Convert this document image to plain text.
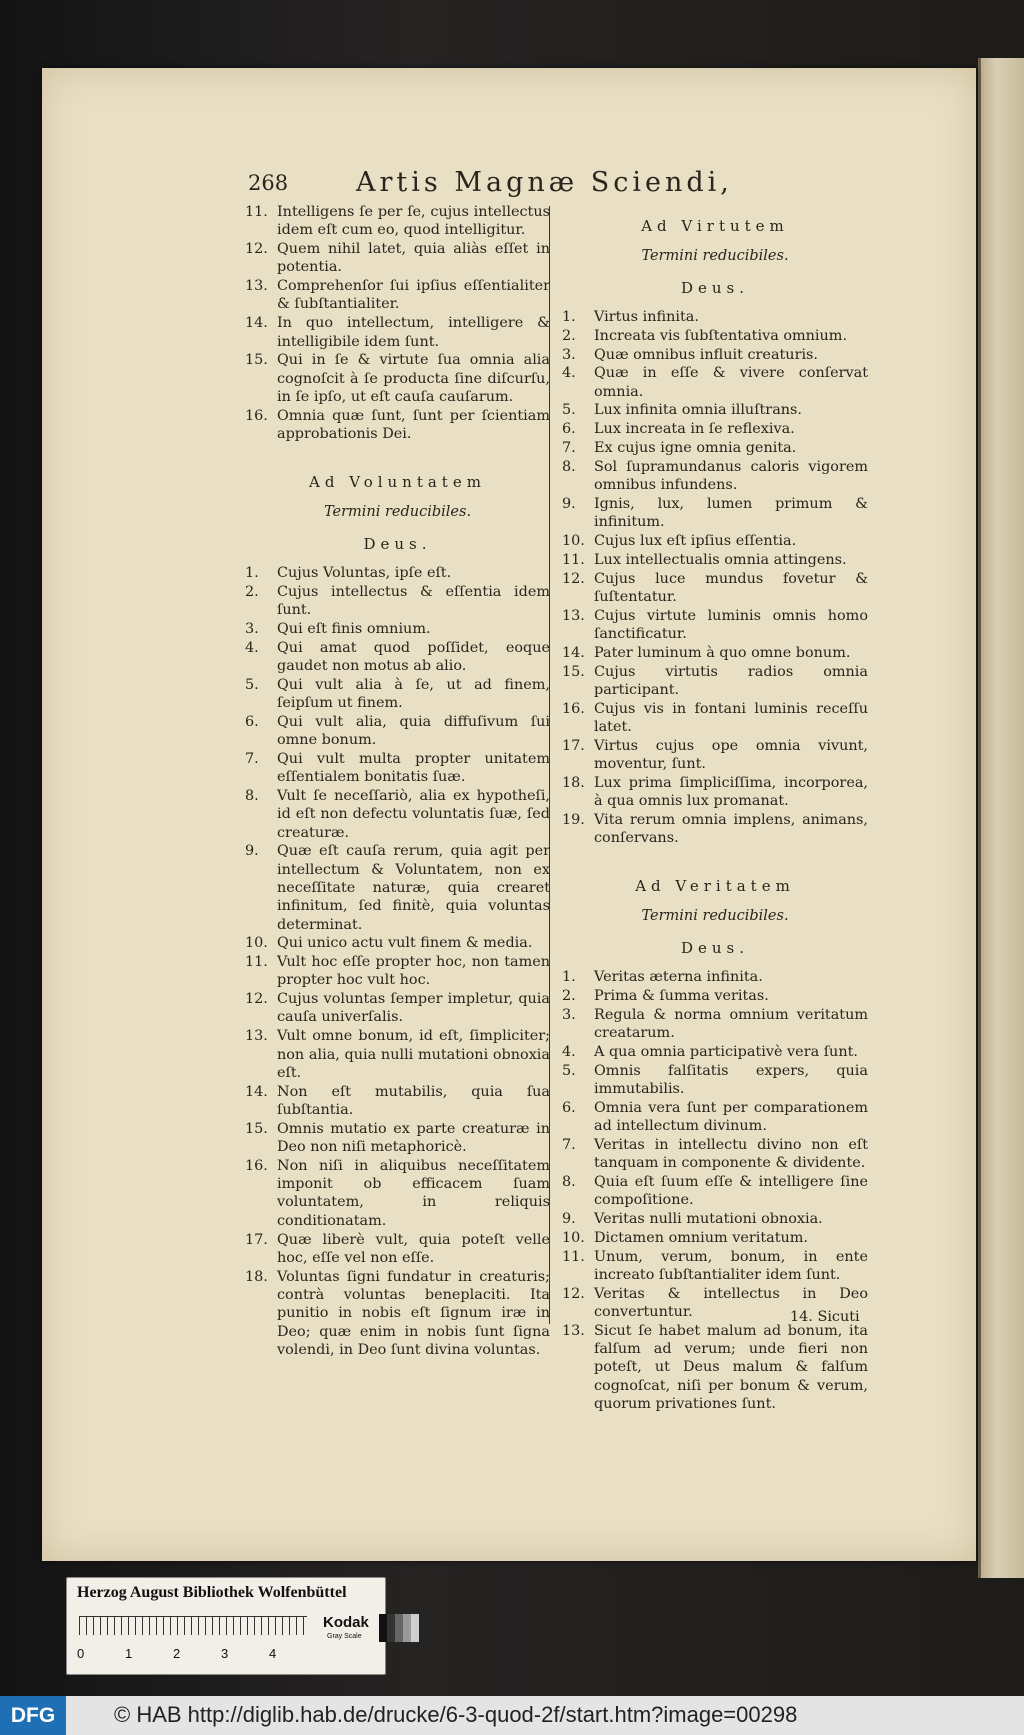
268	Artis Magnæ Sciendi,
11. Intelligens ſe per ſe, cujus intellectus idem eſt cum eo, quod intelligitur.
12. Quem nihil latet, quia aliàs eſſet in potentia.
13. Comprehenſor ſui ipſius eſſentialiter & ſubſtantialiter.
14. In quo intellectum, intelligere & intelligibile idem ſunt.
15. Qui in ſe & virtute ſua omnia alia cognoſcit à ſe producta ſine diſcurſu, in ſe ipſo, ut eſt cauſa cauſarum.
16. Omnia quæ ſunt, ſunt per ſcientiam approbationis Dei.
Ad Voluntatem
Termini reducibiles.
Deus.
1. Cujus Voluntas, ipſe eſt.
2. Cujus intellectus & eſſentia idem ſunt.
3. Qui eſt finis omnium.
4. Qui amat quod poſſidet, eoque gaudet non motus ab alio.
5. Qui vult alia à ſe, ut ad finem, ſeipſum ut finem.
6. Qui vult alia, quia diffuſivum ſui omne bonum.
7. Qui vult multa propter unitatem eſſentialem bonitatis ſuæ.
8. Vult ſe neceſſariò, alia ex hypotheſi, id eſt non defectu voluntatis ſuæ, ſed creaturæ.
9. Quæ eſt cauſa rerum, quia agit per intellectum & Voluntatem, non ex neceſſitate naturæ, quia crearet infinitum, ſed finitè, quia voluntas determinat.
10. Qui unico actu vult finem & media.
11. Vult hoc eſſe propter hoc, non tamen propter hoc vult hoc.
12. Cujus voluntas ſemper impletur, quia cauſa univerſalis.
13. Vult omne bonum, id eſt, ſimpliciter; non alia, quia nulli mutationi obnoxia eſt.
14. Non eſt mutabilis, quia ſua ſubſtantia.
15. Omnis mutatio ex parte creaturæ in Deo non niſi metaphoricè.
16. Non niſi in aliquibus neceſſitatem imponit ob efficacem ſuam voluntatem, in reliquis conditionatam.
17. Quæ liberè vult, quia poteſt velle hoc, eſſe vel non eſſe.
18. Voluntas ſigni fundatur in creaturis; contrà voluntas beneplaciti. Ita punitio in nobis eſt ſignum iræ in Deo; quæ enim in nobis ſunt ſigna volendi, in Deo ſunt divina voluntas.
Ad Virtutem
Termini reducibiles.
Deus.
1. Virtus infinita.
2. Increata vis ſubſtentativa omnium.
3. Quæ omnibus influit creaturis.
4. Quæ in eſſe & vivere conſervat omnia.
5. Lux infinita omnia illuſtrans.
6. Lux increata in ſe reflexiva.
7. Ex cujus igne omnia genita.
8. Sol ſupramundanus caloris vigorem omnibus infundens.
9. Ignis, lux, lumen primum & infinitum.
10. Cujus lux eſt ipſius eſſentia.
11. Lux intellectualis omnia attingens.
12. Cujus luce mundus fovetur & ſuſtentatur.
13. Cujus virtute luminis omnis homo ſanctificatur.
14. Pater luminum à quo omne bonum.
15. Cujus virtutis radios omnia participant.
16. Cujus vis in fontani luminis receſſu latet.
17. Virtus cujus ope omnia vivunt, moventur, ſunt.
18. Lux prima ſimpliciſſima, incorporea, à qua omnis lux promanat.
19. Vita rerum omnia implens, animans, conſervans.
Ad Veritatem
Termini reducibiles.
Deus.
1. Veritas æterna infinita.
2. Prima & ſumma veritas.
3. Regula & norma omnium veritatum creatarum.
4. A qua omnia participativè vera ſunt.
5. Omnis falſitatis expers, quia immutabilis.
6. Omnia vera ſunt per comparationem ad intellectum divinum.
7. Veritas in intellectu divino non eſt tanquam in componente & dividente.
8. Quia eſt ſuum eſſe & intelligere ſine compoſitione.
9. Veritas nulli mutationi obnoxia.
10. Dictamen omnium veritatum.
11. Unum, verum, bonum, in ente increato ſubſtantialiter idem ſunt.
12. Veritas & intellectus in Deo convertuntur.
13. Sicut ſe habet malum ad bonum, ita falſum ad verum; unde fieri non poteſt, ut Deus malum & falſum cognoſcat, niſi per bonum & verum, quorum privationes ſunt.
14. Sicuti
Herzog August Bibliothek Wolfenbüttel
0	1	2	3	4
Kodak
Gray Scale
DFG	© HAB http://diglib.hab.de/drucke/6-3-quod-2f/start.htm?image=00298
